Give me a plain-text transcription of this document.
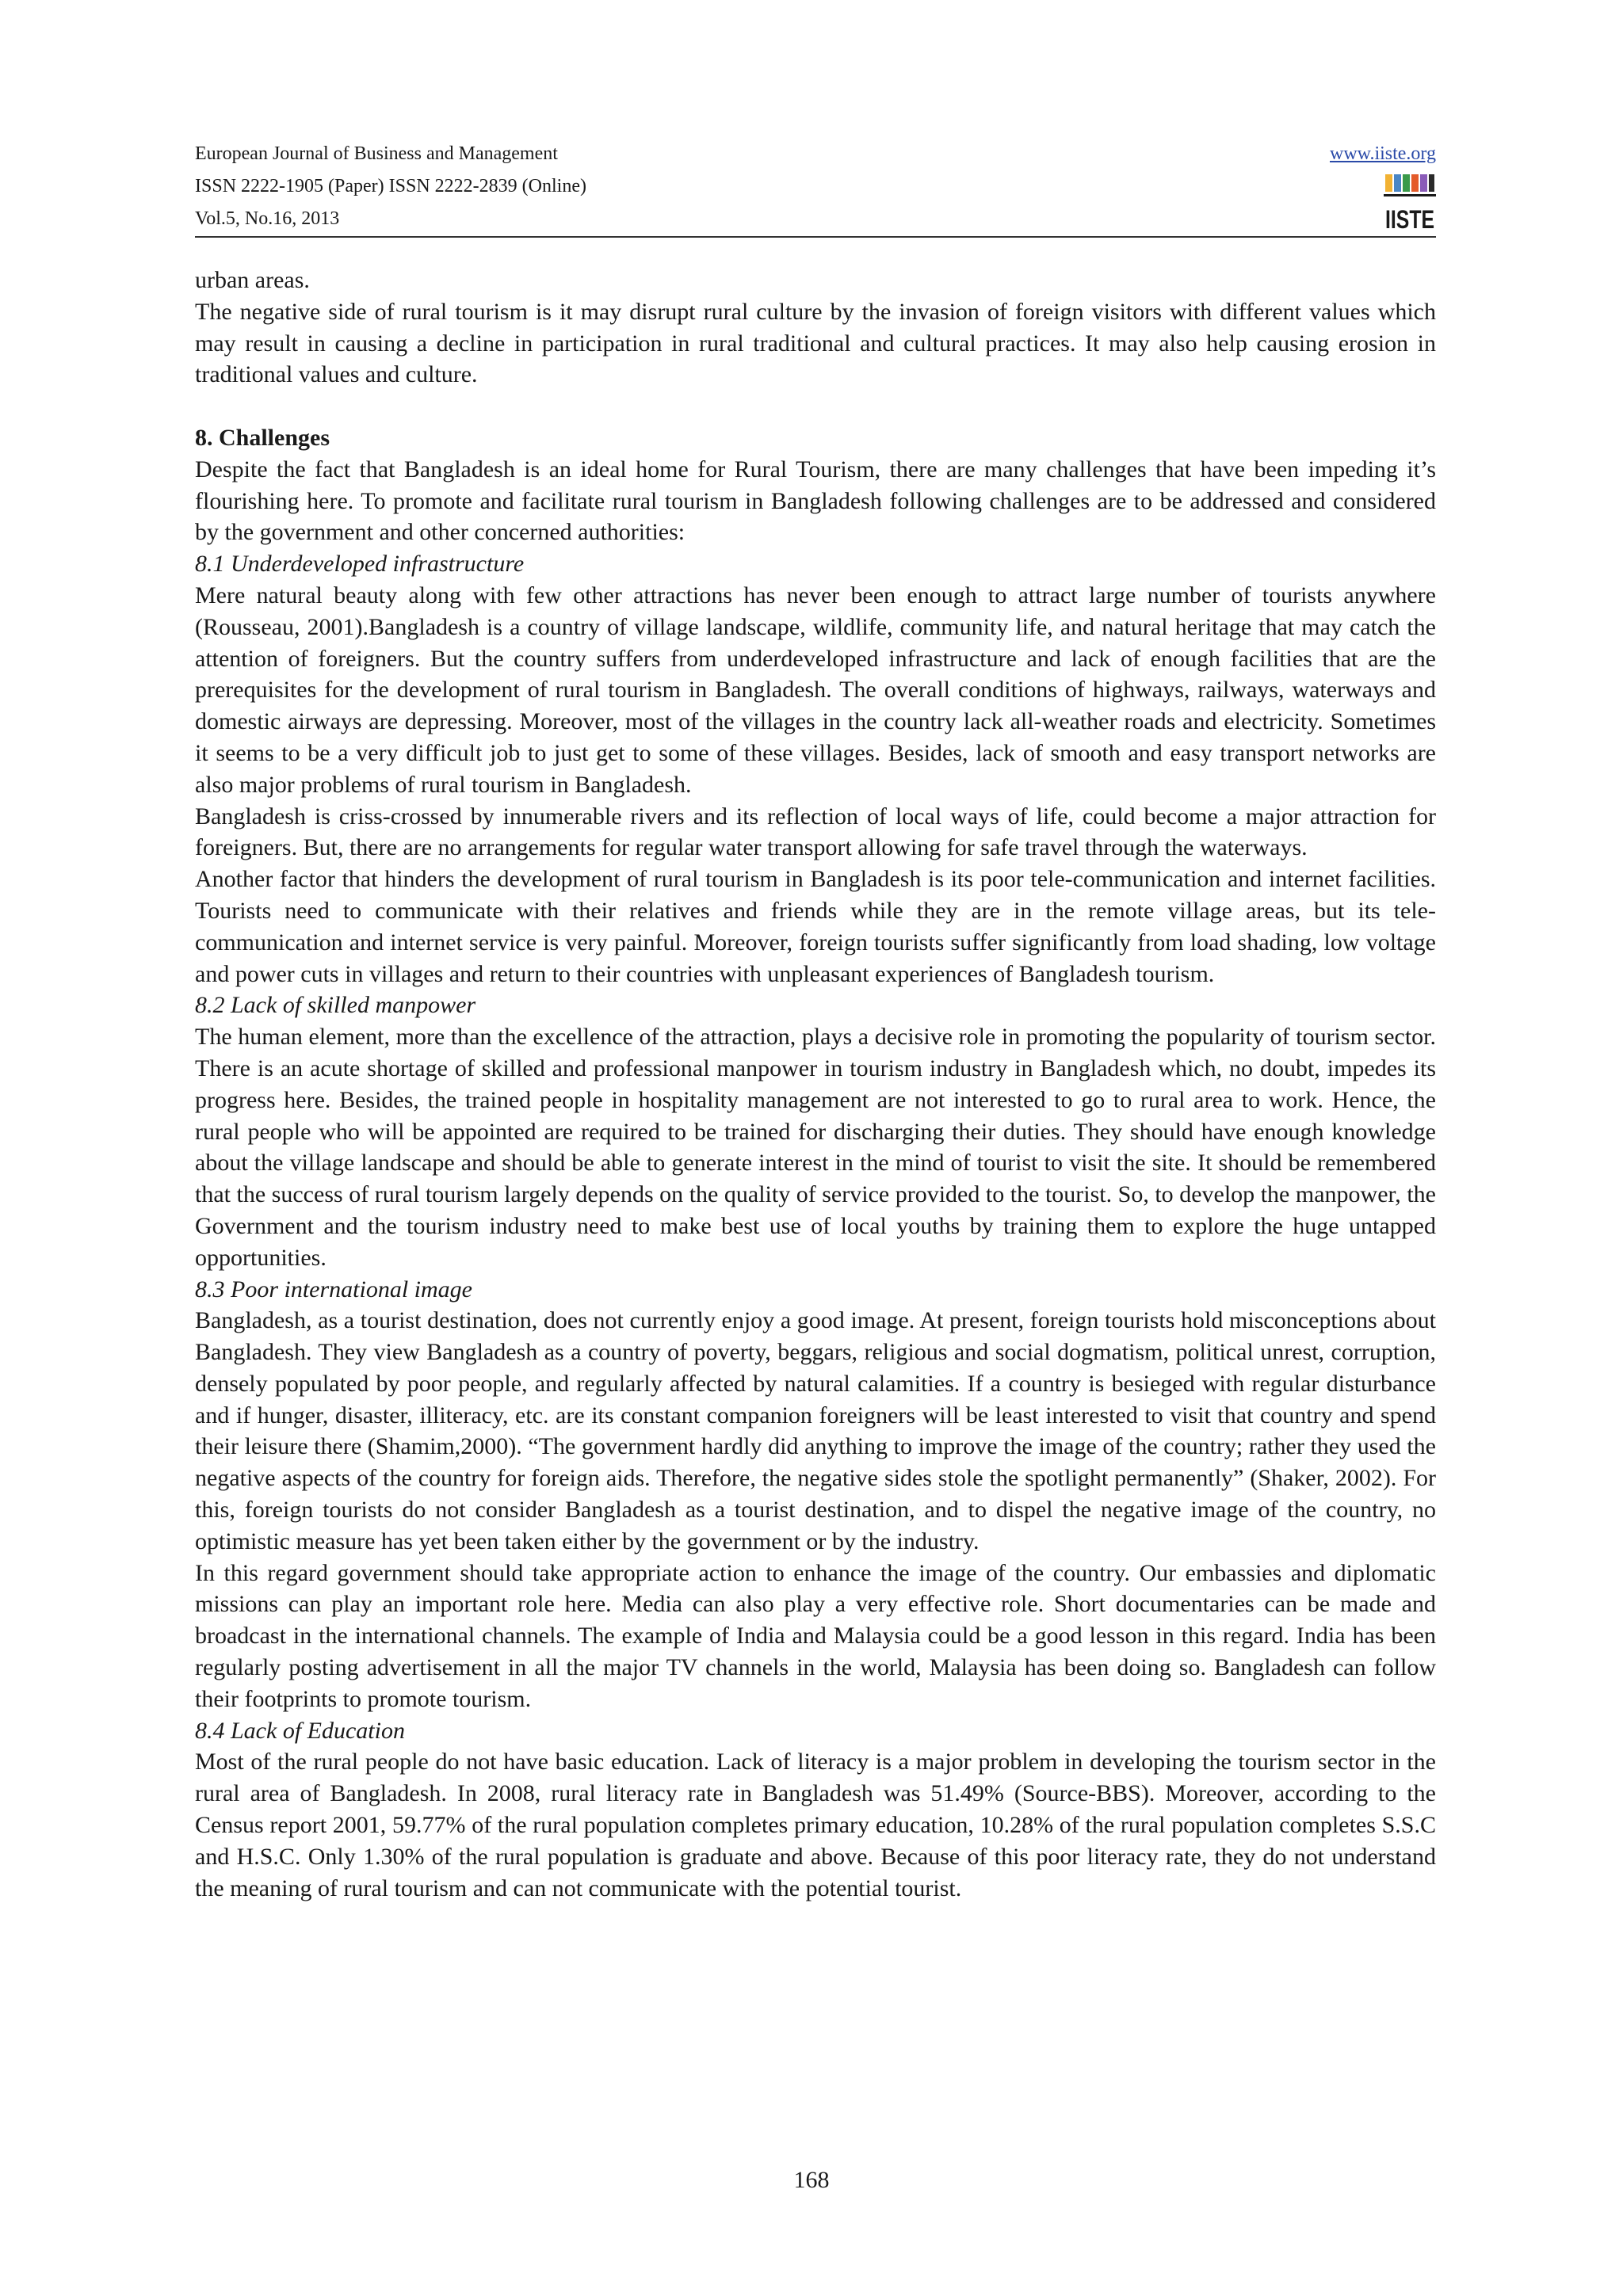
European Journal of Business and Management
ISSN 2222-1905 (Paper) ISSN 2222-2839 (Online)
Vol.5, No.16, 2013
www.iiste.org
IISTE

urban areas.

The negative side of rural tourism is it may disrupt rural culture by the invasion of foreign visitors with different values which may result in causing a decline in participation in rural traditional and cultural practices. It may also help causing erosion in traditional values and culture.

8. Challenges

Despite the fact that Bangladesh is an ideal home for Rural Tourism, there are many challenges that have been impeding it’s flourishing here. To promote and facilitate rural tourism in Bangladesh following challenges are to be addressed and considered by the government and other concerned authorities:

8.1 Underdeveloped infrastructure

Mere natural beauty along with few other attractions has never been enough to attract large number of tourists anywhere (Rousseau, 2001).Bangladesh is a country of village landscape, wildlife, community life, and natural heritage that may catch the attention of foreigners. But the country suffers from underdeveloped infrastructure and lack of enough facilities that are the prerequisites for the development of rural tourism in Bangladesh. The overall conditions of highways, railways, waterways and domestic airways are depressing. Moreover, most of the villages in the country lack all-weather roads and electricity. Sometimes it seems to be a very difficult job to just get to some of these villages. Besides, lack of smooth and easy transport networks are also major problems of rural tourism in Bangladesh.

Bangladesh is criss-crossed by innumerable rivers and its reflection of local ways of life, could become a major attraction for foreigners. But, there are no arrangements for regular water transport allowing for safe travel through the waterways.

Another factor that hinders the development of rural tourism in Bangladesh is its poor tele-communication and internet facilities. Tourists need to communicate with their relatives and friends while they are in the remote village areas, but its tele-communication and internet service is very painful. Moreover, foreign tourists suffer significantly from load shading, low voltage and power cuts in villages and return to their countries with unpleasant experiences of Bangladesh tourism.

8.2 Lack of skilled manpower

The human element, more than the excellence of the attraction, plays a decisive role in promoting the popularity of tourism sector. There is an acute shortage of skilled and professional manpower in tourism industry in Bangladesh which, no doubt, impedes its progress here. Besides, the trained people in hospitality management are not interested to go to rural area to work. Hence, the rural people who will be appointed are required to be trained for discharging their duties. They should have enough knowledge about the village landscape and should be able to generate interest in the mind of tourist to visit the site. It should be remembered that the success of rural tourism largely depends on the quality of service provided to the tourist. So, to develop the manpower, the Government and the tourism industry need to make best use of local youths by training them to explore the huge untapped opportunities.

8.3 Poor international image

Bangladesh, as a tourist destination, does not currently enjoy a good image. At present, foreign tourists hold misconceptions about Bangladesh. They view Bangladesh as a country of poverty, beggars, religious and social dogmatism, political unrest, corruption, densely populated by poor people, and regularly affected by natural calamities. If a country is besieged with regular disturbance and if hunger, disaster, illiteracy, etc. are its constant companion foreigners will be least interested to visit that country and spend their leisure there (Shamim,2000). “The government hardly did anything to improve the image of the country; rather they used the negative aspects of the country for foreign aids. Therefore, the negative sides stole the spotlight permanently” (Shaker, 2002). For this, foreign tourists do not consider Bangladesh as a tourist destination, and to dispel the negative image of the country, no optimistic measure has yet been taken either by the government or by the industry.

In this regard government should take appropriate action to enhance the image of the country. Our embassies and diplomatic missions can play an important role here. Media can also play a very effective role. Short documentaries can be made and broadcast in the international channels. The example of India and Malaysia could be a good lesson in this regard. India has been regularly posting advertisement in all the major TV channels in the world, Malaysia has been doing so. Bangladesh can follow their footprints to promote tourism.

8.4 Lack of Education

Most of the rural people do not have basic education. Lack of literacy is a major problem in developing the tourism sector in the rural area of Bangladesh. In 2008, rural literacy rate in Bangladesh was 51.49% (Source-BBS). Moreover, according to the Census report 2001, 59.77% of the rural population completes primary education, 10.28% of the rural population completes S.S.C and H.S.C. Only 1.30% of the rural population is graduate and above. Because of this poor literacy rate, they do not understand the meaning of rural tourism and can not communicate with the potential tourist.

168
